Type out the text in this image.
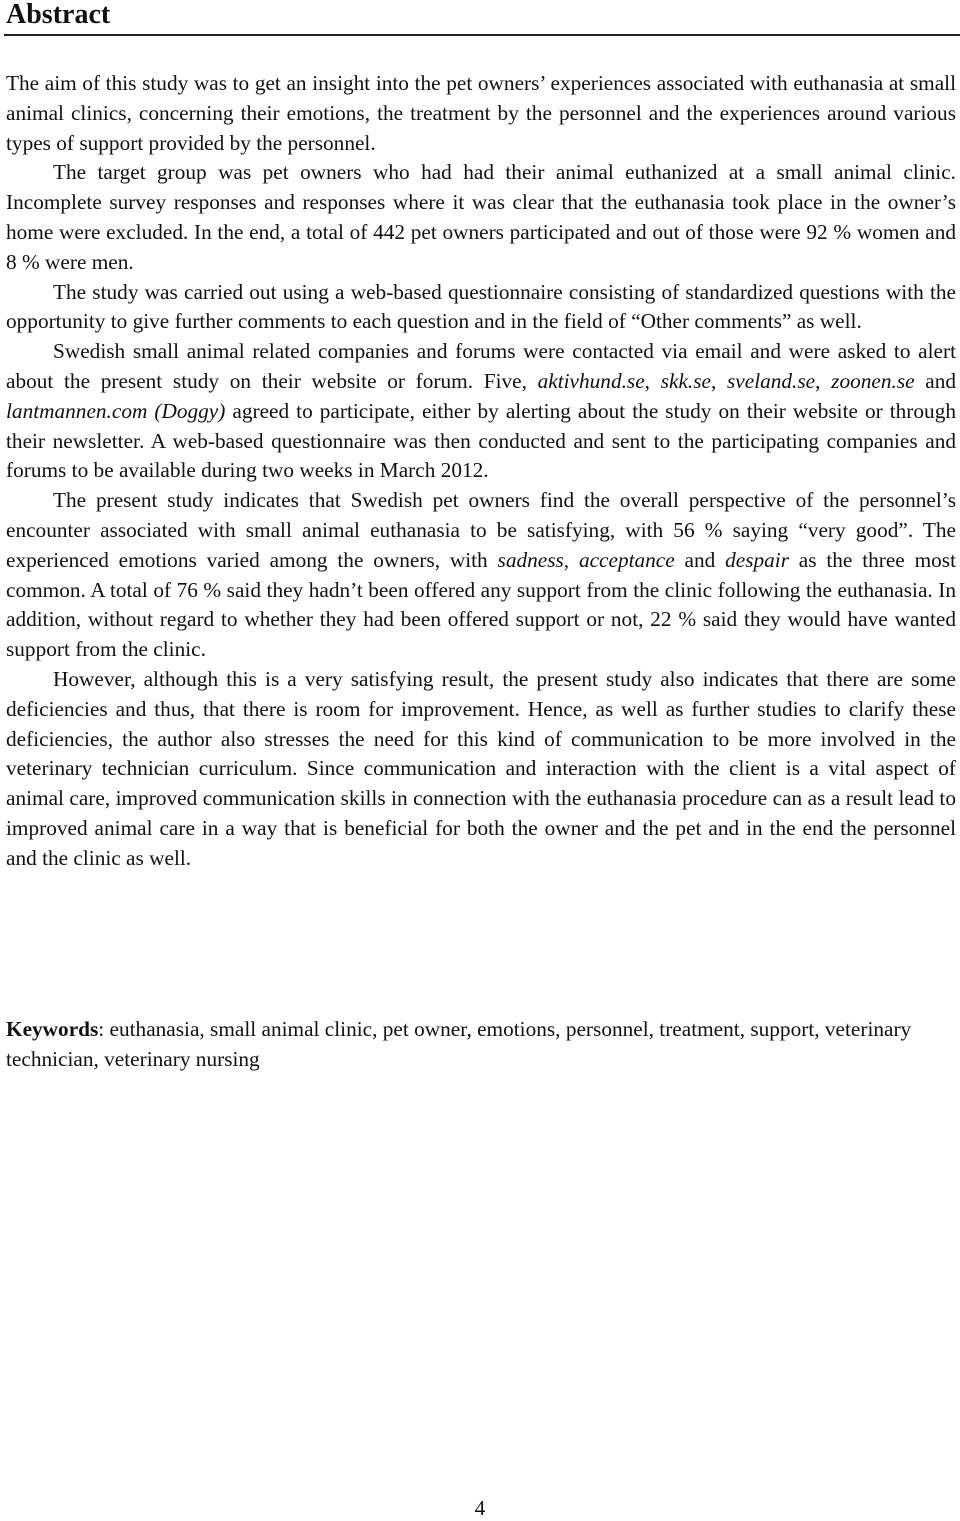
Abstract

The aim of this study was to get an insight into the pet owners’ experiences associated with euthanasia at small animal clinics, concerning their emotions, the treatment by the personnel and the experiences around various types of support provided by the personnel.

The target group was pet owners who had had their animal euthanized at a small animal clinic. Incomplete survey responses and responses where it was clear that the euthanasia took place in the owner’s home were excluded. In the end, a total of 442 pet owners participated and out of those were 92 % women and 8 % were men.

The study was carried out using a web-based questionnaire consisting of standardized questions with the opportunity to give further comments to each question and in the field of “Other comments” as well.

Swedish small animal related companies and forums were contacted via email and were asked to alert about the present study on their website or forum. Five, aktivhund.se, skk.se, sveland.se, zoonen.se and lantmannen.com (Doggy) agreed to participate, either by alerting about the study on their website or through their newsletter. A web-based questionnaire was then conducted and sent to the participating companies and forums to be available during two weeks in March 2012.

The present study indicates that Swedish pet owners find the overall perspective of the personnel’s encounter associated with small animal euthanasia to be satisfying, with 56 % saying “very good”. The experienced emotions varied among the owners, with sadness, acceptance and despair as the three most common. A total of 76 % said they hadn’t been offered any support from the clinic following the euthanasia. In addition, without regard to whether they had been offered support or not, 22 % said they would have wanted support from the clinic.

However, although this is a very satisfying result, the present study also indicates that there are some deficiencies and thus, that there is room for improvement. Hence, as well as further studies to clarify these deficiencies, the author also stresses the need for this kind of communication to be more involved in the veterinary technician curriculum. Since communication and interaction with the client is a vital aspect of animal care, improved communication skills in connection with the euthanasia procedure can as a result lead to improved animal care in a way that is beneficial for both the owner and the pet and in the end the personnel and the clinic as well.

Keywords: euthanasia, small animal clinic, pet owner, emotions, personnel, treatment, support, veterinary technician, veterinary nursing

4
